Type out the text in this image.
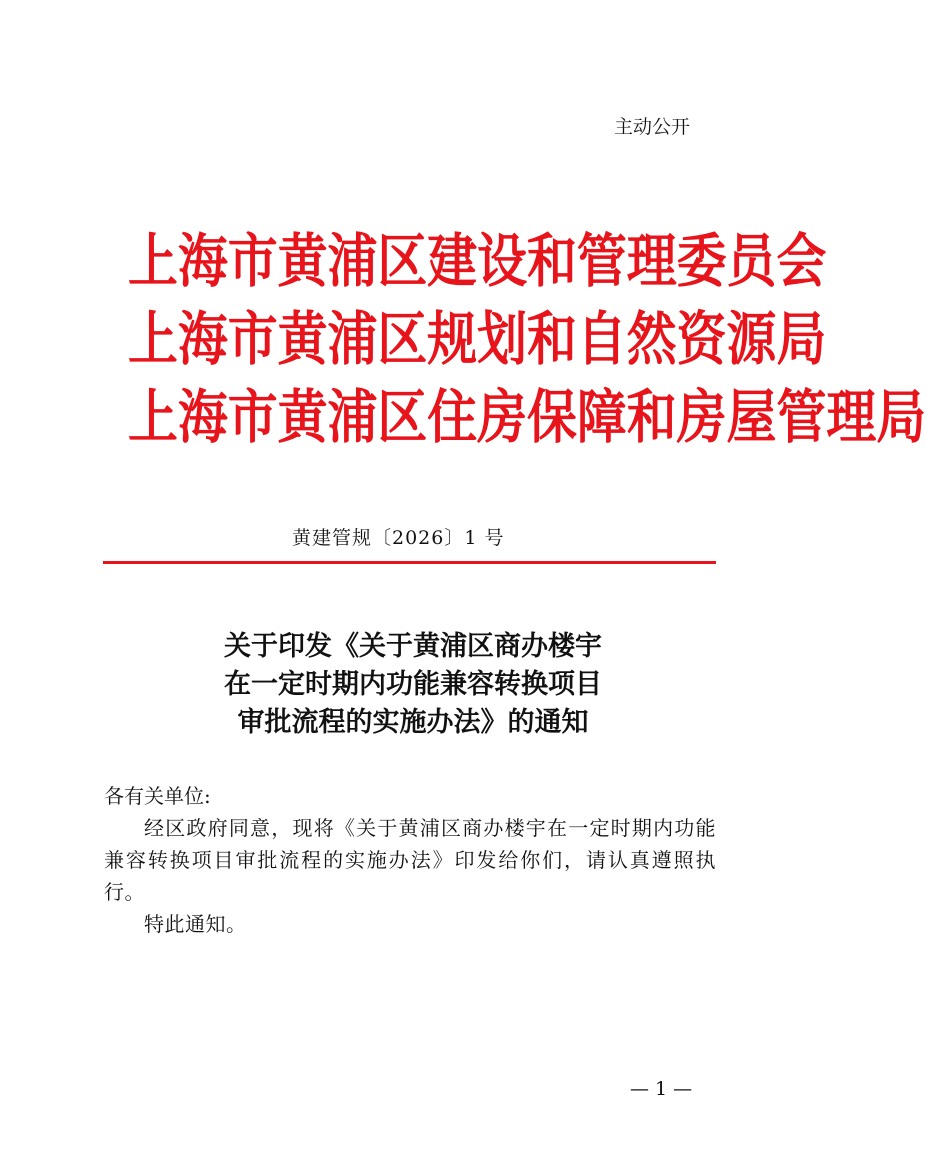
主动公开
上海市黄浦区建设和管理委员会
上海市黄浦区规划和自然资源局
上海市黄浦区住房保障和房屋管理局
黄建管规〔2026〕1 号
关于印发《关于黄浦区商办楼宇
在一定时期内功能兼容转换项目
审批流程的实施办法》的通知

各有关单位:

经区政府同意，现将《关于黄浦区商办楼宇在一定时期内功能兼容转换项目审批流程的实施办法》印发给你们，请认真遵照执行。

特此通知。

— 1 —
